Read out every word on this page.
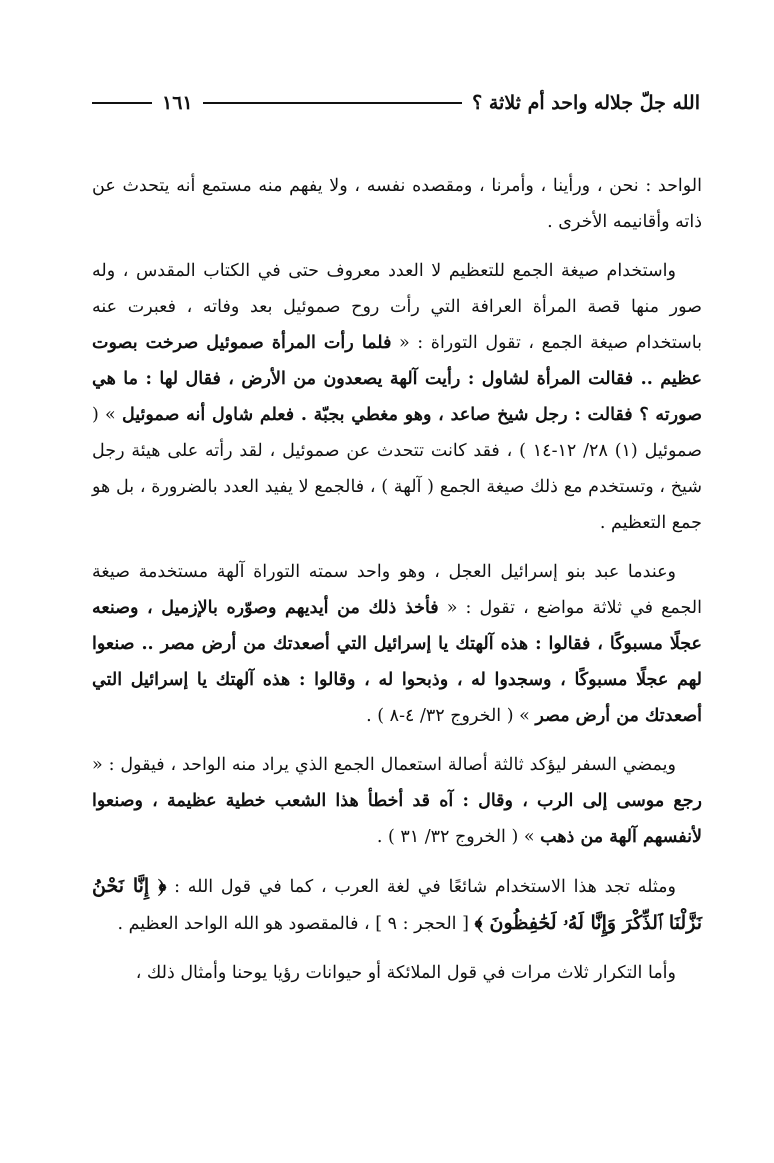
الله جلّ جلاله واحد أم ثلاثة ؟
١٦١

الواحد : نحن ، ورأينا ، وأمرنا ، ومقصده نفسه ، ولا يفهم منه مستمع أنه يتحدث عن ذاته وأقانيمه الأخرى .

واستخدام صيغة الجمع للتعظيم لا العدد معروف حتى في الكتاب المقدس ، وله صور منها قصة المرأة العرافة التي رأت روح صموئيل بعد وفاته ، فعبرت عنه باستخدام صيغة الجمع ، تقول التوراة : « فلما رأت المرأة صموئيل صرخت بصوت عظيم .. فقالت المرأة لشاول : رأيت آلهة يصعدون من الأرض ، فقال لها : ما هي صورته ؟ فقالت : رجل شيخ صاعد ، وهو مغطي بجبّة . فعلم شاول أنه صموئيل » ( صموئيل (١) ٢٨/ ١٢-١٤ ) ، فقد كانت تتحدث عن صموئيل ، لقد رأته على هيئة رجل شيخ ، وتستخدم مع ذلك صيغة الجمع ( آلهة ) ، فالجمع لا يفيد العدد بالضرورة ، بل هو جمع التعظيم .

وعندما عبد بنو إسرائيل العجل ، وهو واحد سمته التوراة آلهة مستخدمة صيغة الجمع في ثلاثة مواضع ، تقول : « فأخذ ذلك من أيديهم وصوّره بالإزميل ، وصنعه عجلًا مسبوكًا ، فقالوا : هذه آلهتك يا إسرائيل التي أصعدتك من أرض مصر .. صنعوا لهم عجلًا مسبوكًا ، وسجدوا له ، وذبحوا له ، وقالوا : هذه آلهتك يا إسرائيل التي أصعدتك من أرض مصر » ( الخروج ٣٢/ ٤-٨ ) .

ويمضي السفر ليؤكد ثالثة أصالة استعمال الجمع الذي يراد منه الواحد ، فيقول : « رجع موسى إلى الرب ، وقال : آه قد أخطأ هذا الشعب خطية عظيمة ، وصنعوا لأنفسهم آلهة من ذهب » ( الخروج ٣٢/ ٣١ ) .

ومثله تجد هذا الاستخدام شائعًا في لغة العرب ، كما في قول الله : ﴿ إِنَّا نَحْنُ نَزَّلْنَا ٱلذِّكْرَ وَإِنَّا لَهُۥ لَحَٰفِظُونَ ﴾ [ الحجر : ٩ ] ، فالمقصود هو الله الواحد العظيم .

وأما التكرار ثلاث مرات في قول الملائكة أو حيوانات رؤيا يوحنا وأمثال ذلك ،
